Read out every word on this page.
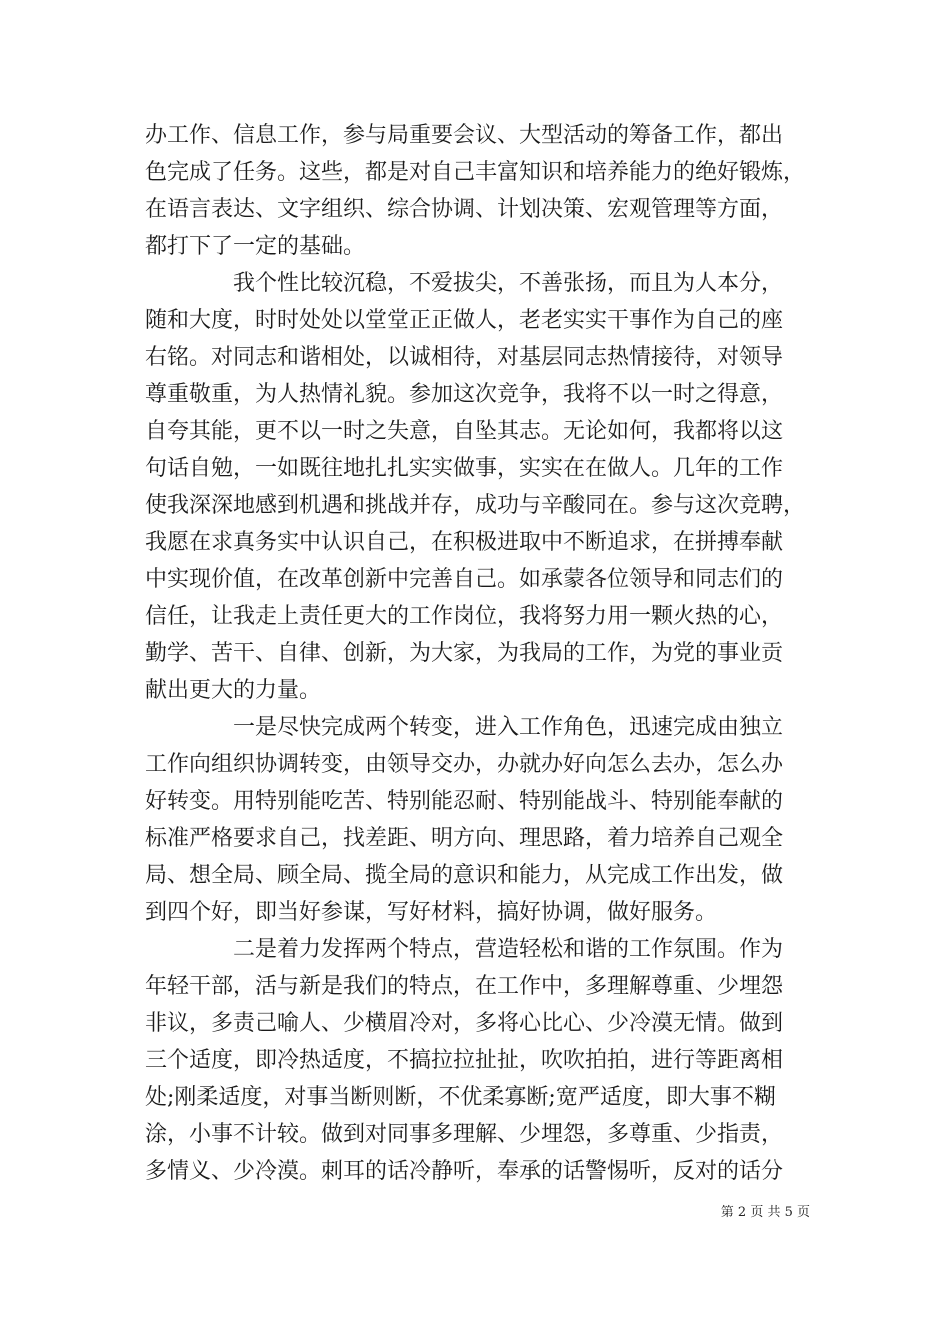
办工作、信息工作，参与局重要会议、大型活动的筹备工作，都出
色完成了任务。这些，都是对自己丰富知识和培养能力的绝好锻炼，
在语言表达、文字组织、综合协调、计划决策、宏观管理等方面，
都打下了一定的基础。
我个性比较沉稳，不爱拔尖，不善张扬，而且为人本分，
随和大度，时时处处以堂堂正正做人，老老实实干事作为自己的座
右铭。对同志和谐相处，以诚相待，对基层同志热情接待，对领导
尊重敬重，为人热情礼貌。参加这次竞争，我将不以一时之得意，
自夸其能，更不以一时之失意，自坠其志。无论如何，我都将以这
句话自勉，一如既往地扎扎实实做事，实实在在做人。几年的工作
使我深深地感到机遇和挑战并存，成功与辛酸同在。参与这次竞聘，
我愿在求真务实中认识自己，在积极进取中不断追求，在拼搏奉献
中实现价值，在改革创新中完善自己。如承蒙各位领导和同志们的
信任，让我走上责任更大的工作岗位，我将努力用一颗火热的心，
勤学、苦干、自律、创新，为大家，为我局的工作，为党的事业贡
献出更大的力量。
一是尽快完成两个转变，进入工作角色，迅速完成由独立
工作向组织协调转变，由领导交办，办就办好向怎么去办，怎么办
好转变。用特别能吃苦、特别能忍耐、特别能战斗、特别能奉献的
标准严格要求自己，找差距、明方向、理思路，着力培养自己观全
局、想全局、顾全局、揽全局的意识和能力，从完成工作出发，做
到四个好，即当好参谋，写好材料，搞好协调，做好服务。
二是着力发挥两个特点，营造轻松和谐的工作氛围。作为
年轻干部，活与新是我们的特点，在工作中，多理解尊重、少埋怨
非议，多责己喻人、少横眉冷对，多将心比心、少冷漠无情。做到
三个适度，即冷热适度，不搞拉拉扯扯，吹吹拍拍，进行等距离相
处;刚柔适度，对事当断则断，不优柔寡断;宽严适度，即大事不糊
涂，小事不计较。做到对同事多理解、少埋怨，多尊重、少指责，
多情义、少冷漠。刺耳的话冷静听，奉承的话警惕听，反对的话分
第 2 页 共 5 页
